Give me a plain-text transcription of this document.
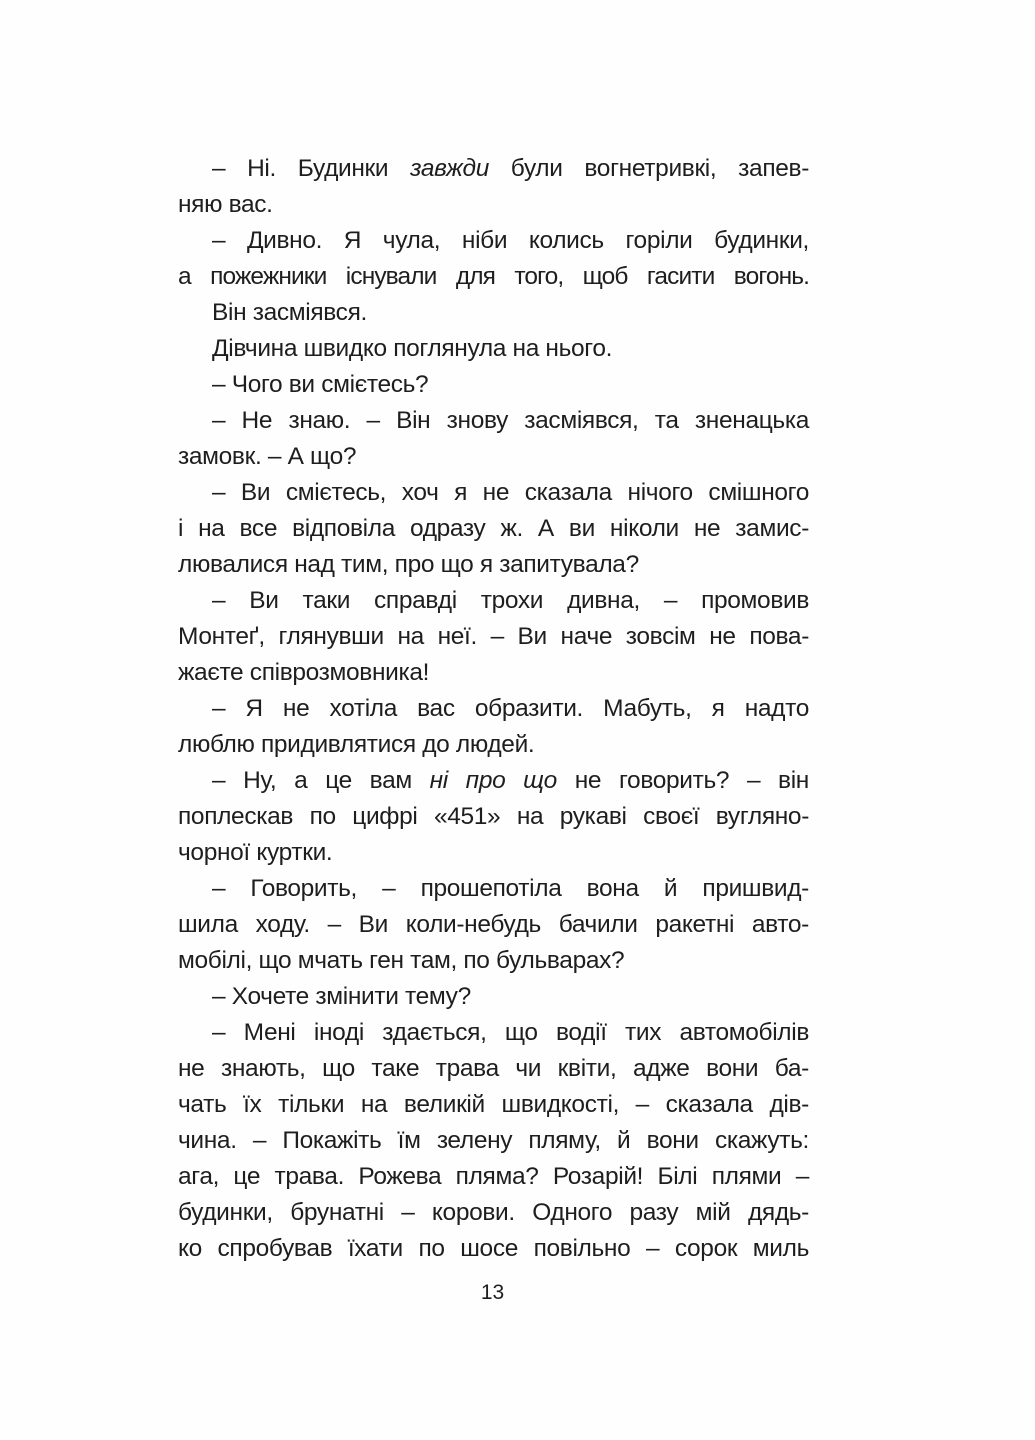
– Ні. Будинки завжди були вогнетривкі, запев-
няю вас.
– Дивно. Я чула, ніби колись горіли будинки,
а пожежники існували для того, щоб гасити вогонь.
Він засміявся.
Дівчина швидко поглянула на нього.
– Чого ви смієтесь?
– Не знаю. – Він знову засміявся, та зненацька
замовк. – А що?
– Ви смієтесь, хоч я не сказала нічого смішного
і на все відповіла одразу ж. А ви ніколи не замис-
лювалися над тим, про що я запитувала?
– Ви таки справді трохи дивна, – промовив
Монтеґ, глянувши на неї. – Ви наче зовсім не пова-
жаєте співрозмовника!
– Я не хотіла вас образити. Мабуть, я надто
люблю придивлятися до людей.
– Ну, а це вам ні про що не говорить? – він
поплескав по цифрі «451» на рукаві своєї вугляно-
чорної куртки.
– Говорить, – прошепотіла вона й пришвид-
шила ходу. – Ви коли-небудь бачили ракетні авто-
мобілі, що мчать ген там, по бульварах?
– Хочете змінити тему?
– Мені іноді здається, що водії тих автомобілів
не знають, що таке трава чи квіти, адже вони ба-
чать їх тільки на великій швидкості, – сказала дів-
чина. – Покажіть їм зелену пляму, й вони скажуть:
ага, це трава. Рожева пляма? Розарій! Білі плями –
будинки, брунатні – корови. Одного разу мій дядь-
ко спробував їхати по шосе повільно – сорок миль
13
